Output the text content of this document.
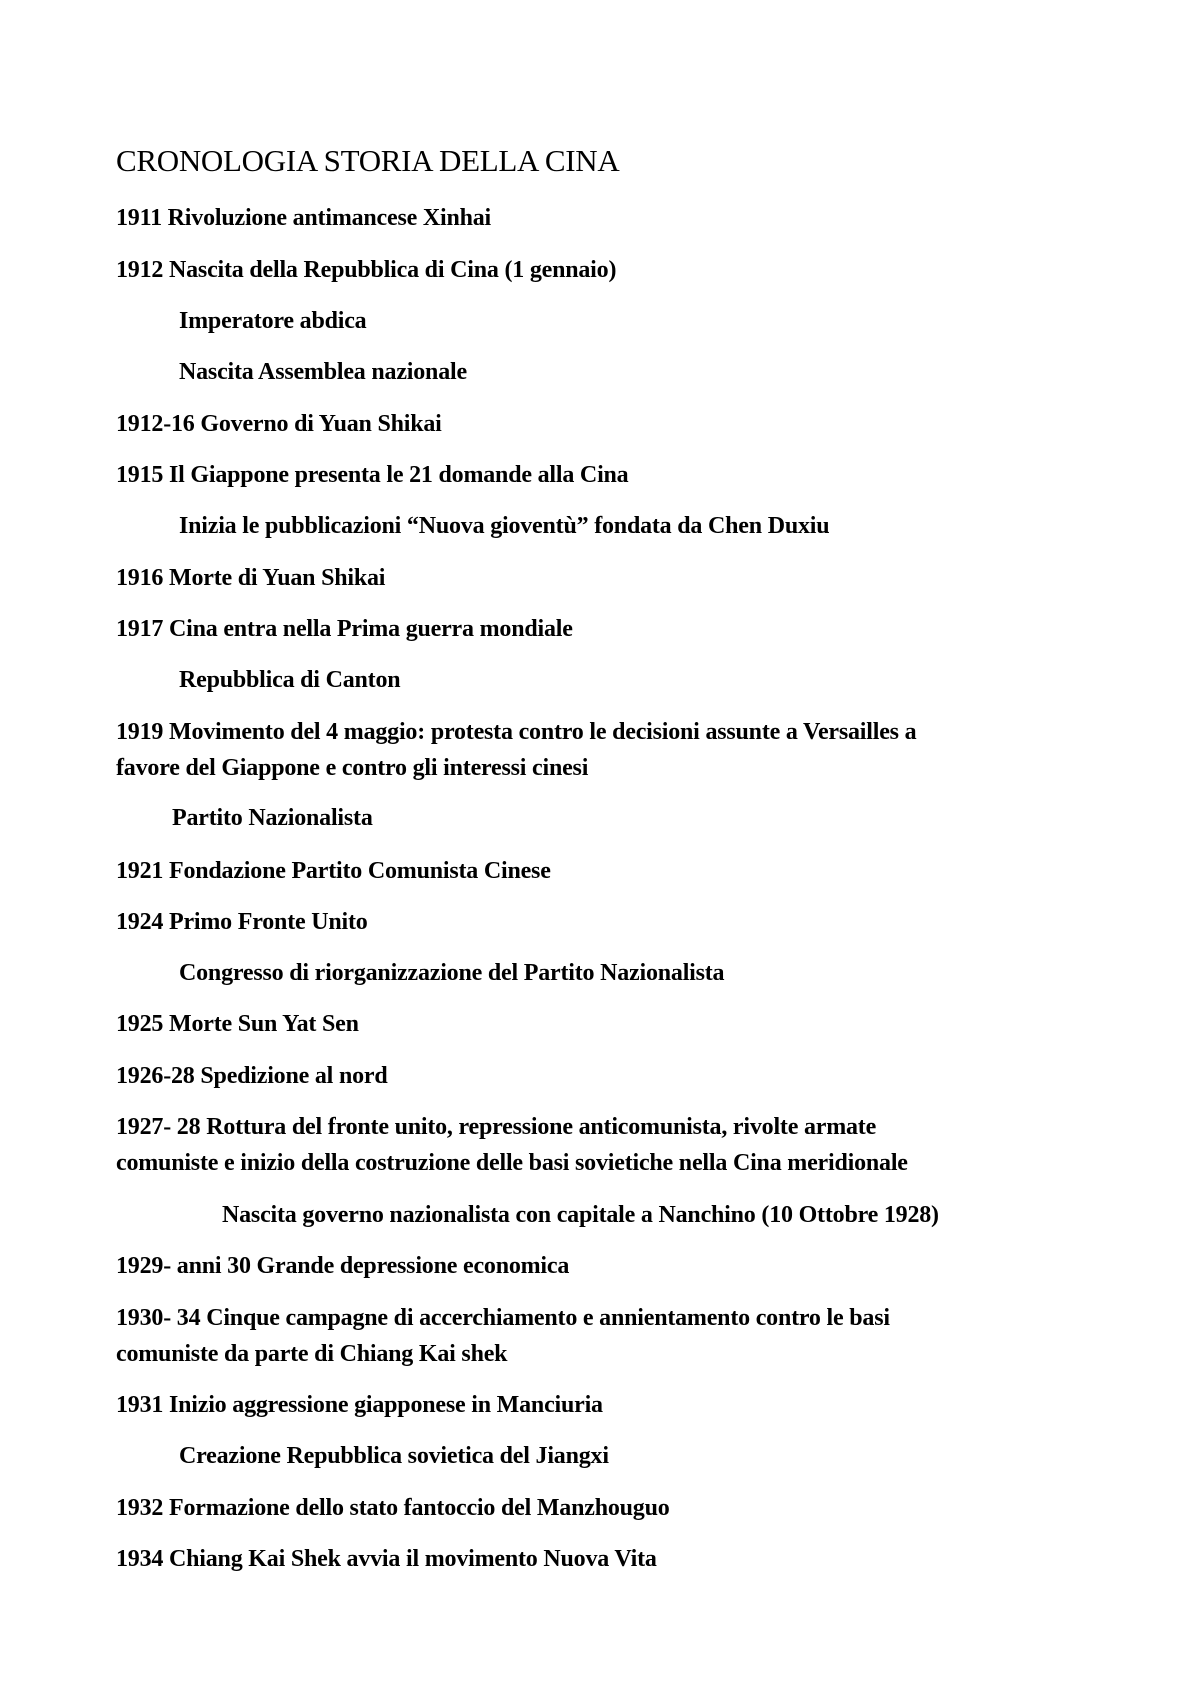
CRONOLOGIA STORIA DELLA CINA
1911 Rivoluzione antimancese Xinhai
1912 Nascita della Repubblica di Cina (1 gennaio)
Imperatore abdica
Nascita Assemblea nazionale
1912-16 Governo di Yuan Shikai
1915 Il Giappone presenta le 21 domande alla Cina
Inizia le pubblicazioni “Nuova gioventù” fondata da Chen Duxiu
1916 Morte di Yuan Shikai
1917 Cina entra nella Prima guerra mondiale
Repubblica di Canton
1919 Movimento del 4 maggio: protesta contro le decisioni assunte a Versailles a
favore del Giappone e contro gli interessi cinesi
Partito Nazionalista
1921 Fondazione Partito Comunista Cinese
1924 Primo Fronte Unito
Congresso di riorganizzazione del Partito Nazionalista
1925 Morte Sun Yat Sen
1926-28 Spedizione al nord
1927- 28 Rottura del fronte unito, repressione anticomunista, rivolte armate
comuniste e inizio della costruzione delle basi sovietiche nella Cina meridionale
Nascita governo nazionalista con capitale a Nanchino (10 Ottobre 1928)
1929- anni 30 Grande depressione economica
1930- 34 Cinque campagne di accerchiamento e annientamento contro le basi
comuniste da parte di Chiang Kai shek
1931 Inizio aggressione giapponese in Manciuria
Creazione Repubblica sovietica del Jiangxi
1932 Formazione dello stato fantoccio del Manzhouguo
1934 Chiang Kai Shek avvia il movimento Nuova Vita
